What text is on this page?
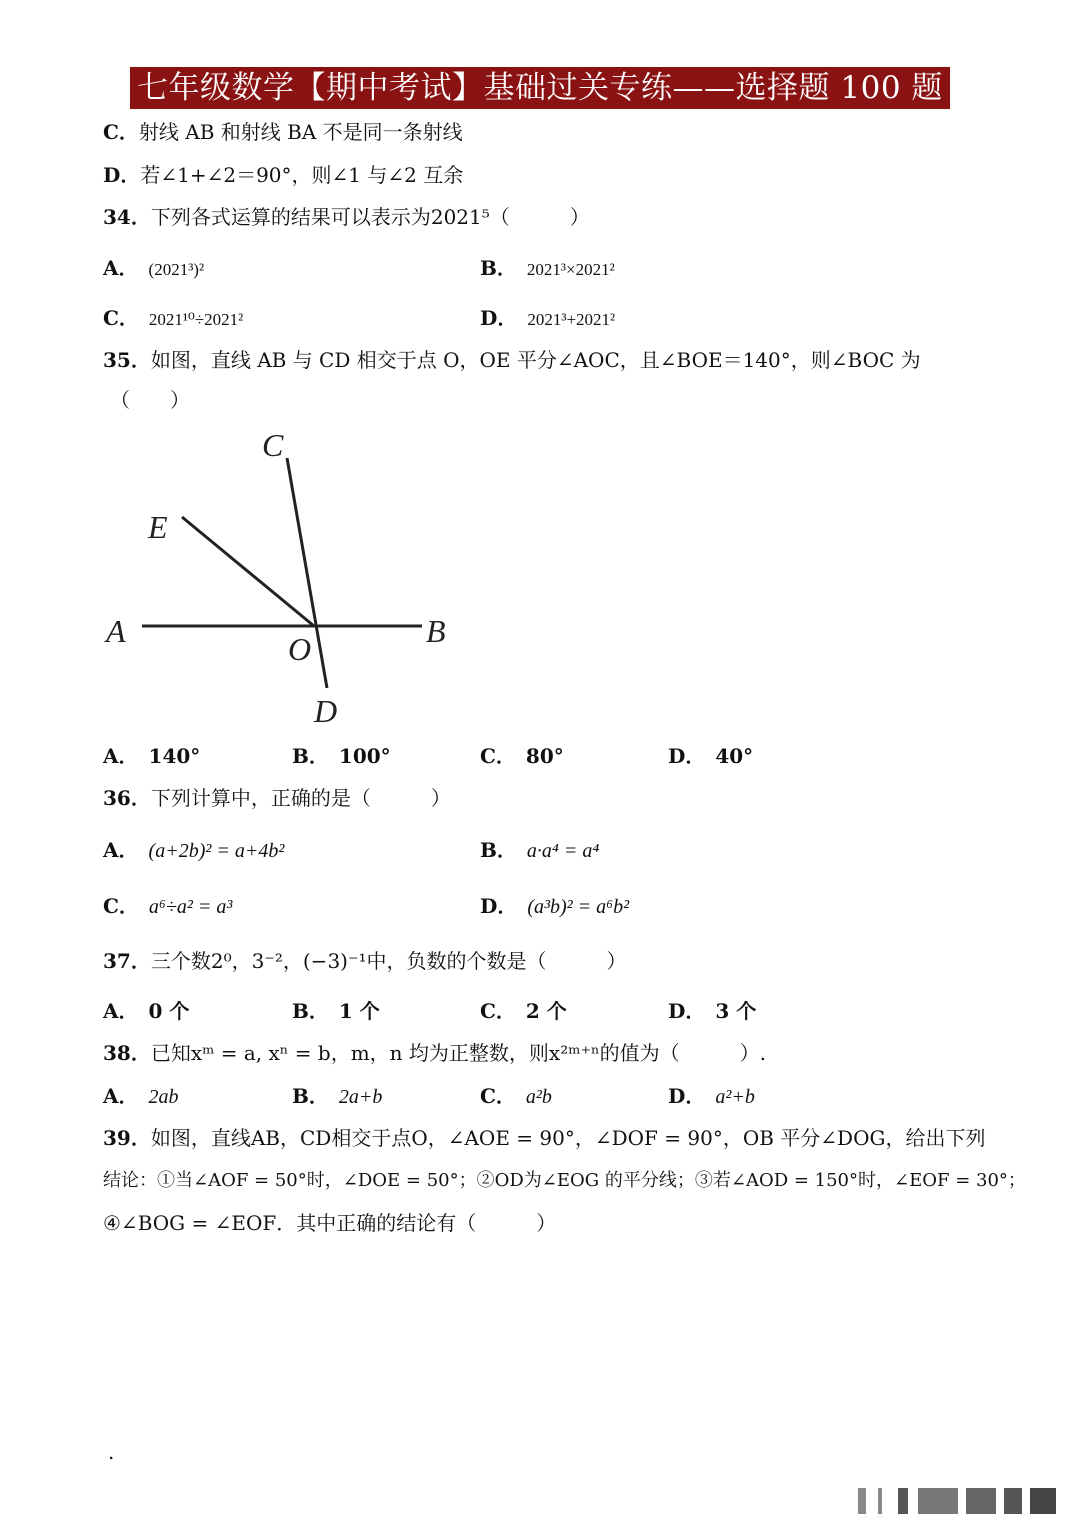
七年级数学【期中考试】基础过关专练——选择题 100 题
C．射线 AB 和射线 BA 不是同一条射线
D．若∠1+∠2＝90°，则∠1 与∠2 互余
34．下列各式运算的结果可以表示为2021⁵（　　　）
A． (2021³)²	B． 2021³×2021²
C． 2021¹⁰÷2021²	D． 2021³+2021²
35．如图，直线 AB 与 CD 相交于点 O，OE 平分∠AOC，且∠BOE＝140°，则∠BOC 为
（　　）
C
E
A	O	B
D
A． 140°	B． 100°	C． 80°	D． 40°
36．下列计算中，正确的是（　　　）
A． (a+2b)² = a+4b²	B． a·a⁴ = a⁴
C． a⁶÷a² = a³	D． (a³b)² = a⁶b²
37．三个数2⁰，3⁻²，(−3)⁻¹中，负数的个数是（　　　）
A． 0 个	B． 1 个	C． 2 个	D． 3 个
38．已知xᵐ = a, xⁿ = b，m，n 均为正整数，则x²ᵐ⁺ⁿ的值为（　　　）.
A． 2ab	B． 2a+b	C． a²b	D． a²+b
39．如图，直线AB，CD相交于点O，∠AOE = 90°，∠DOF = 90°，OB 平分∠DOG，给出下列
结论：①当∠AOF = 50°时，∠DOE = 50°；②OD为∠EOG 的平分线；③若∠AOD = 150°时，∠EOF = 30°；
④∠BOG = ∠EOF．其中正确的结论有（　　　）
.
